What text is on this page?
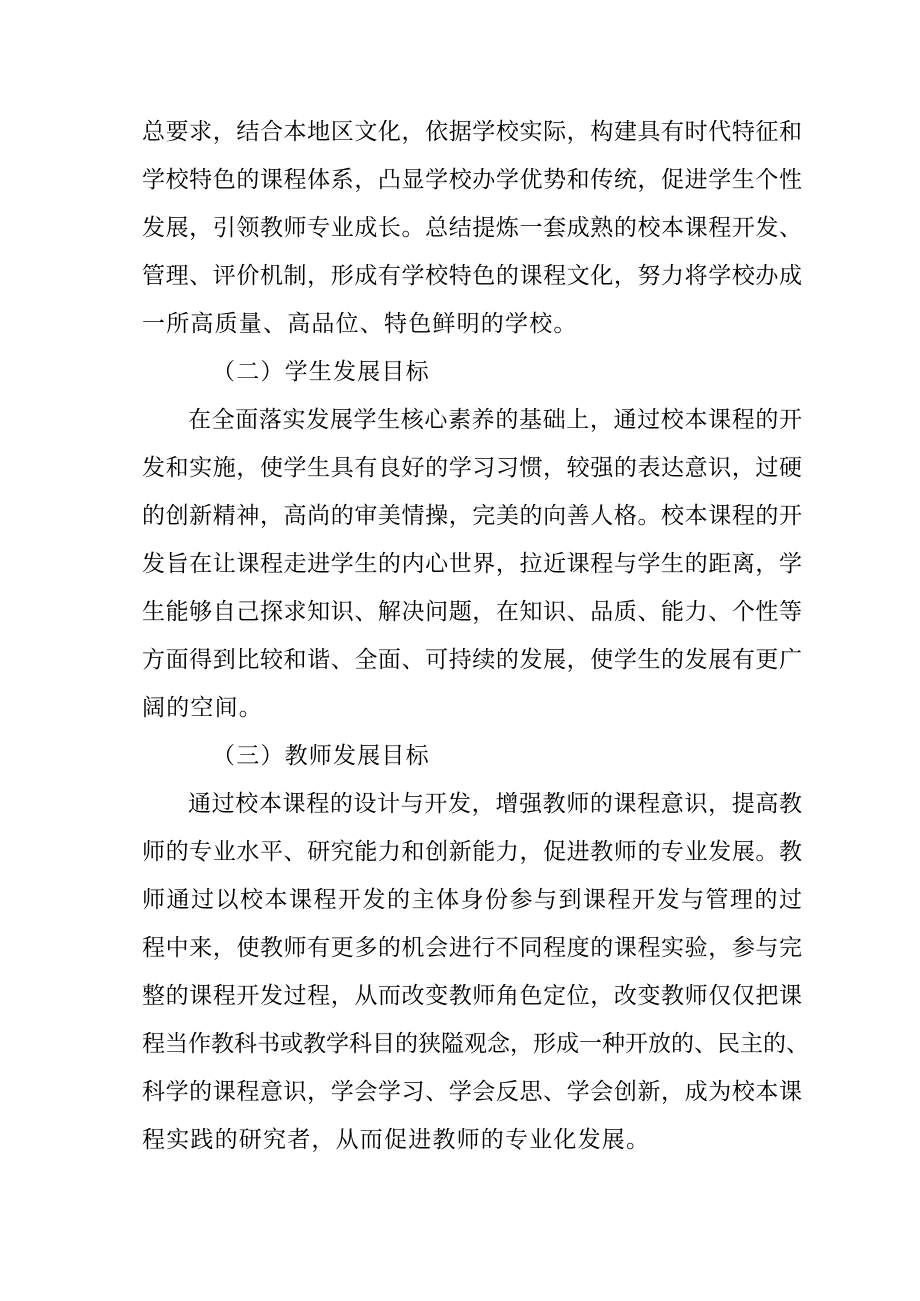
总要求，结合本地区文化，依据学校实际，构建具有时代特征和
学校特色的课程体系，凸显学校办学优势和传统，促进学生个性
发展，引领教师专业成长。总结提炼一套成熟的校本课程开发、
管理、评价机制，形成有学校特色的课程文化，努力将学校办成
一所高质量、高品位、特色鲜明的学校。
（二）学生发展目标
在全面落实发展学生核心素养的基础上，通过校本课程的开
发和实施，使学生具有良好的学习习惯，较强的表达意识，过硬
的创新精神，高尚的审美情操，完美的向善人格。校本课程的开
发旨在让课程走进学生的内心世界，拉近课程与学生的距离，学
生能够自己探求知识、解决问题，在知识、品质、能力、个性等
方面得到比较和谐、全面、可持续的发展，使学生的发展有更广
阔的空间。
（三）教师发展目标
通过校本课程的设计与开发，增强教师的课程意识，提高教
师的专业水平、研究能力和创新能力，促进教师的专业发展。教
师通过以校本课程开发的主体身份参与到课程开发与管理的过
程中来，使教师有更多的机会进行不同程度的课程实验，参与完
整的课程开发过程，从而改变教师角色定位，改变教师仅仅把课
程当作教科书或教学科目的狭隘观念，形成一种开放的、民主的、
科学的课程意识，学会学习、学会反思、学会创新，成为校本课
程实践的研究者，从而促进教师的专业化发展。
